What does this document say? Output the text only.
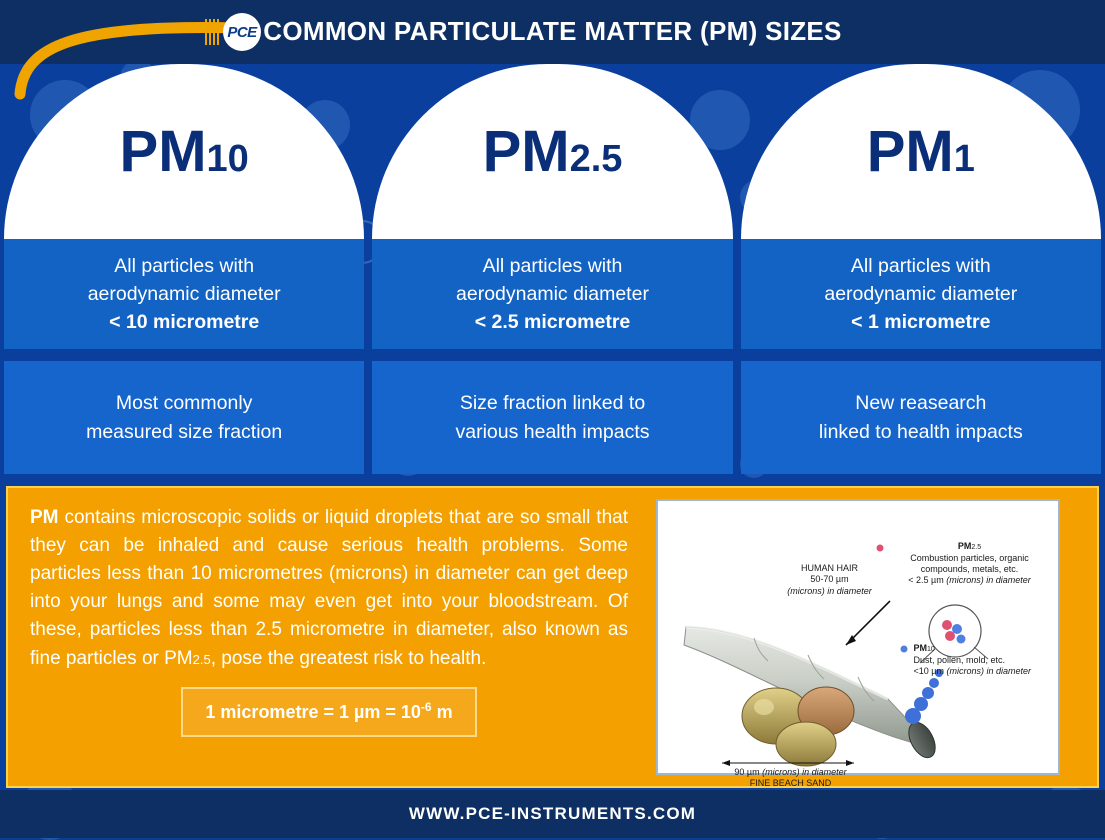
COMMON PARTICULATE MATTER (PM) SIZES
PCE
PM 10
All particles with
aerodynamic diameter
< 10 micrometre
Most commonly
measured size fraction
PM 2.5
All particles with
aerodynamic diameter
< 2.5 micrometre
Size fraction linked to
various health impacts
PM 1
All particles with
aerodynamic diameter
< 1 micrometre
New reasearch
linked to health impacts

PM contains microscopic solids or liquid droplets that are so small that they can be inhaled and cause serious health problems. Some particles less than 10 micrometres (microns) in diameter can get deep into your lungs and some may even get into your bloodstream. Of these, particles less than 2.5 micrometre in diameter, also known as fine particles or PM2.5, pose the greatest risk to health.

1 micrometre = 1 $\mu m = 10^{-6}$ m
PM2.5
Combustion particles, organic
compounds, metals, etc.
< 2.5 µm (microns) in diameter
PM10
Dust, pollen, mold, etc.
<10 µm (microns) in diameter
HUMAN HAIR
50-70 µm
(microns) in diameter
90 µm (microns) in diameter
FINE BEACH SAND
SOURCE: USEPA
WWW.PCE-INSTRUMENTS.COM
